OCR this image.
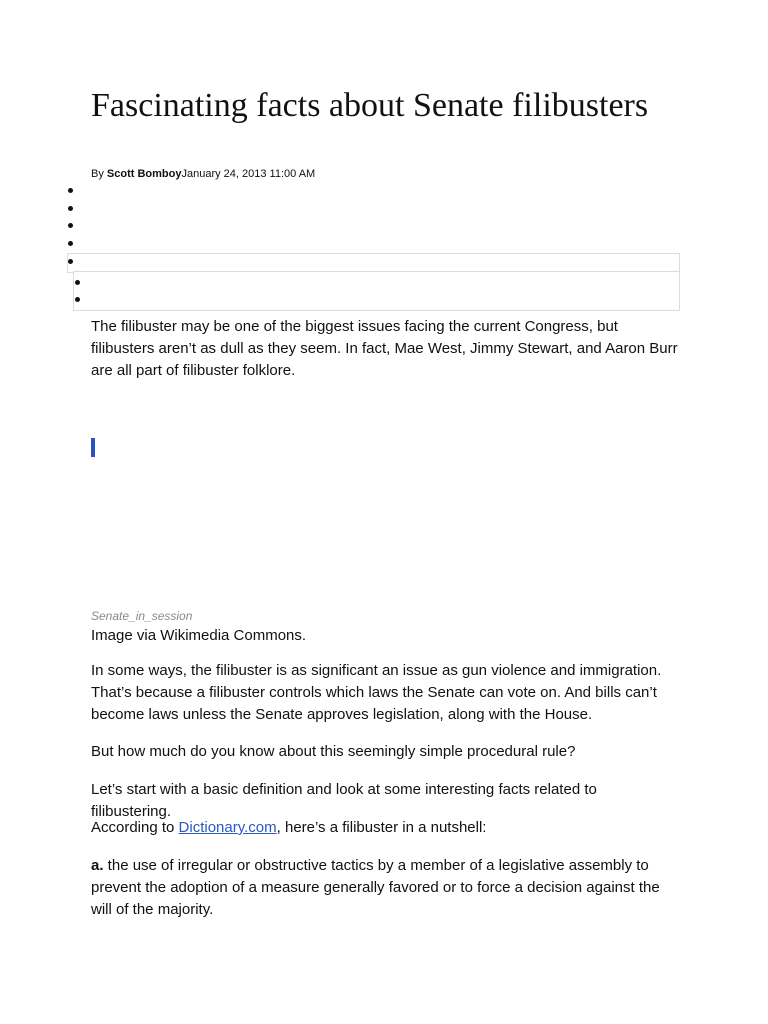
Fascinating facts about Senate filibusters
By Scott BomboyJanuary 24, 2013 11:00 AM

The filibuster may be one of the biggest issues facing the current Congress, but filibusters aren’t as dull as they seem. In fact, Mae West, Jimmy Stewart, and Aaron Burr are all part of filibuster folklore.

Senate_in_session

Image via Wikimedia Commons.

In some ways, the filibuster is as significant an issue as gun violence and immigration. That’s because a filibuster controls which laws the Senate can vote on. And bills can’t become laws unless the Senate approves legislation, along with the House.

But how much do you know about this seemingly simple procedural rule?

Let’s start with a basic definition and look at some interesting facts related to filibustering.

According to Dictionary.com, here’s a filibuster in a nutshell:

a. the use of irregular or obstructive tactics by a member of a legislative assembly to prevent the adoption of a measure generally favored or to force a decision against the will of the majority.
